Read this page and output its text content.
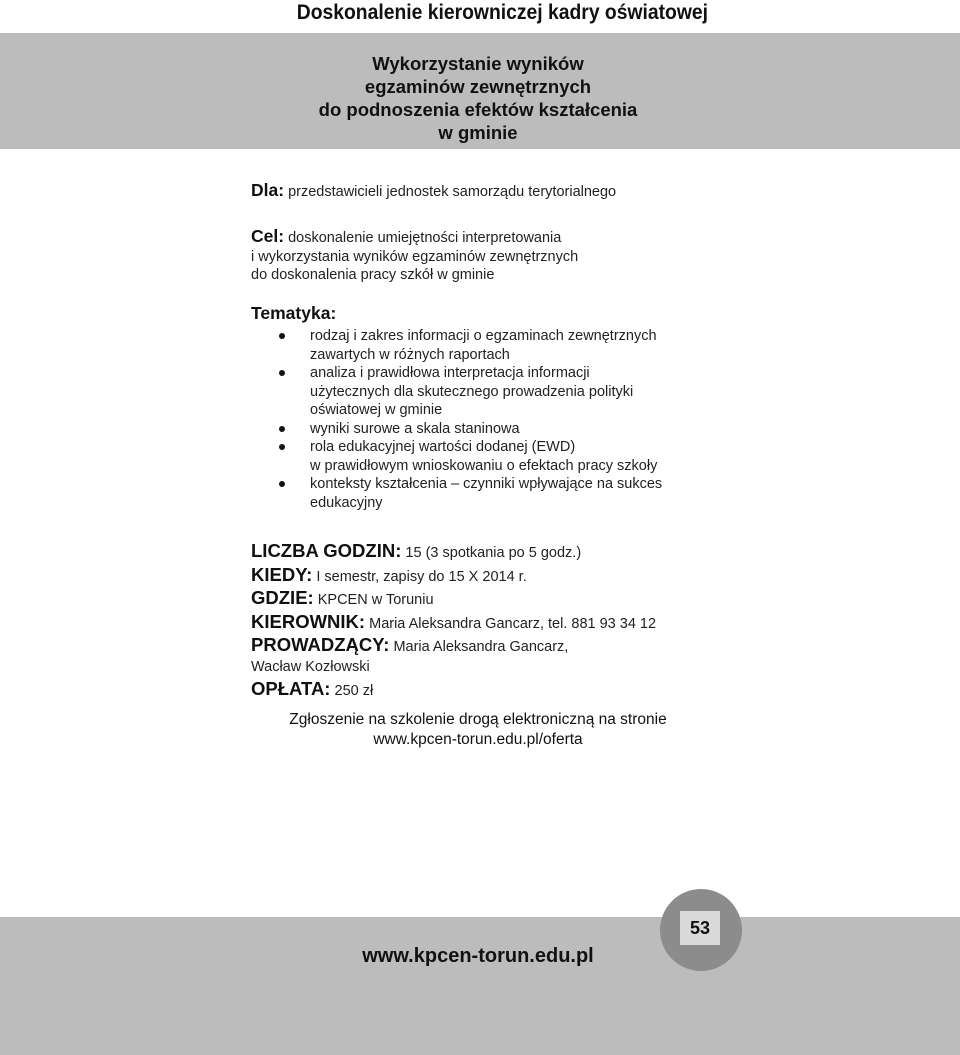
Doskonalenie kierowniczej kadry oświatowej
Wykorzystanie wyników
egzaminów zewnętrznych
do podnoszenia efektów kształcenia
w gminie
Dla: przedstawicieli jednostek samorządu terytorialnego
Cel: doskonalenie umiejętności interpretowania
i wykorzystania wyników egzaminów zewnętrznych
do doskonalenia pracy szkół w gminie
Tematyka:
rodzaj i zakres informacji o egzaminach zewnętrznych
zawartych w różnych raportach
analiza i prawidłowa interpretacja informacji
użytecznych dla skutecznego prowadzenia polityki
oświatowej w gminie
wyniki surowe a skala staninowa
rola edukacyjnej wartości dodanej (EWD)
w prawidłowym wnioskowaniu o efektach pracy szkoły
konteksty kształcenia – czynniki wpływające na sukces
edukacyjny
LICZBA GODZIN: 15 (3 spotkania po 5 godz.)
KIEDY: I semestr, zapisy do 15 X 2014 r.
GDZIE: KPCEN w Toruniu
KIEROWNIK: Maria Aleksandra Gancarz, tel. 881 93 34 12
PROWADZĄCY: Maria Aleksandra Gancarz,
Wacław Kozłowski
OPŁATA: 250 zł
Zgłoszenie na szkolenie drogą elektroniczną na stronie
www.kpcen-torun.edu.pl/oferta
www.kpcen-torun.edu.pl
53
